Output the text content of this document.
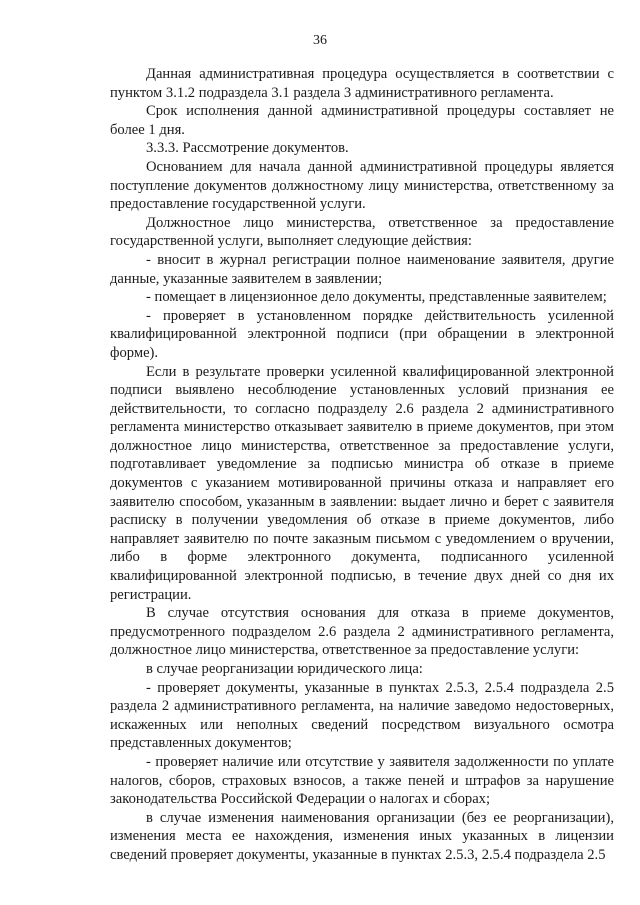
36

Данная административная процедура осуществляется в соответствии с пунктом 3.1.2 подраздела 3.1 раздела 3 административного регламента.

Срок исполнения данной административной процедуры составляет не более 1 дня.

3.3.3. Рассмотрение документов.

Основанием для начала данной административной процедуры является поступление документов должностному лицу министерства, ответственному за предоставление государственной услуги.

Должностное лицо министерства, ответственное за предоставление государственной услуги, выполняет следующие действия:

- вносит в журнал регистрации полное наименование заявителя, другие данные, указанные заявителем в заявлении;

- помещает в лицензионное дело документы, представленные заявителем;

- проверяет в установленном порядке действительность усиленной квалифицированной электронной подписи (при обращении в электронной форме).

Если в результате проверки усиленной квалифицированной электронной подписи выявлено несоблюдение установленных условий признания ее действительности, то согласно подразделу 2.6 раздела 2 административного регламента министерство отказывает заявителю в приеме документов, при этом должностное лицо министерства, ответственное за предоставление услуги, подготавливает уведомление за подписью министра об отказе в приеме документов с указанием мотивированной причины отказа и направляет его заявителю способом, указанным в заявлении: выдает лично и берет с заявителя расписку в получении уведомления об отказе в приеме документов, либо направляет заявителю по почте заказным письмом с уведомлением о вручении, либо в форме электронного документа, подписанного усиленной квалифицированной электронной подписью, в течение двух дней со дня их регистрации.

В случае отсутствия основания для отказа в приеме документов, предусмотренного подразделом 2.6 раздела 2 административного регламента, должностное лицо министерства, ответственное за предоставление услуги:

в случае реорганизации юридического лица:

- проверяет документы, указанные в пунктах 2.5.3, 2.5.4 подраздела 2.5 раздела 2 административного регламента, на наличие заведомо недостоверных, искаженных или неполных сведений посредством визуального осмотра представленных документов;

- проверяет наличие или отсутствие у заявителя задолженности по уплате налогов, сборов, страховых взносов, а также пеней и штрафов за нарушение законодательства Российской Федерации о налогах и сборах;

в случае изменения наименования организации (без ее реорганизации), изменения места ее нахождения, изменения иных указанных в лицензии сведений проверяет документы, указанные в пунктах 2.5.3, 2.5.4 подраздела 2.5
